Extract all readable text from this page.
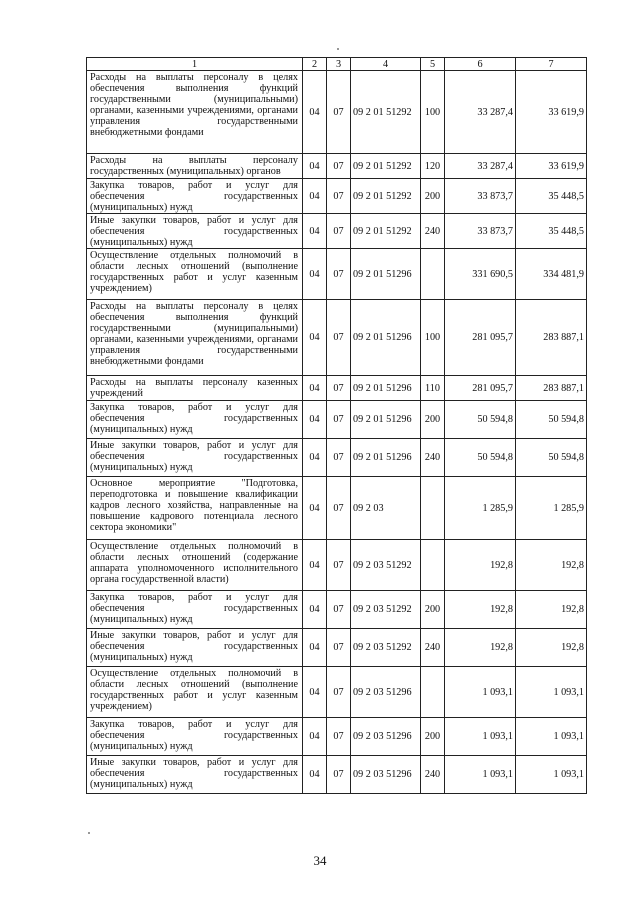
1	2	3	4	5	6	7
Расходы на выплаты персоналу в целях обеспечения выполнения функций государственными (муниципальными) органами, казенными учреждениями, органами управления государственными внебюджетными фондами	04	07	09 2 01 51292	100	33 287,4	33 619,9
Расходы на выплаты персоналу государственных (муниципальных) органов	04	07	09 2 01 51292	120	33 287,4	33 619,9
Закупка товаров, работ и услуг для обеспечения государственных (муниципальных) нужд	04	07	09 2 01 51292	200	33 873,7	35 448,5
Иные закупки товаров, работ и услуг для обеспечения государственных (муниципальных) нужд	04	07	09 2 01 51292	240	33 873,7	35 448,5
Осуществление отдельных полномочий в области лесных отношений (выполнение государственных работ и услуг казенным учреждением)	04	07	09 2 01 51296		331 690,5	334 481,9
Расходы на выплаты персоналу в целях обеспечения выполнения функций государственными (муниципальными) органами, казенными учреждениями, органами управления государственными внебюджетными фондами	04	07	09 2 01 51296	100	281 095,7	283 887,1
Расходы на выплаты персоналу казенных учреждений	04	07	09 2 01 51296	110	281 095,7	283 887,1
Закупка товаров, работ и услуг для обеспечения государственных (муниципальных) нужд	04	07	09 2 01 51296	200	50 594,8	50 594,8
Иные закупки товаров, работ и услуг для обеспечения государственных (муниципальных) нужд	04	07	09 2 01 51296	240	50 594,8	50 594,8
Основное мероприятие "Подготовка, переподготовка и повышение квалификации кадров лесного хозяйства, направленные на повышение кадрового потенциала лесного сектора экономики"	04	07	09 2 03		1 285,9	1 285,9
Осуществление отдельных полномочий в области лесных отношений (содержание аппарата уполномоченного исполнительного органа государственной власти)	04	07	09 2 03 51292		192,8	192,8
Закупка товаров, работ и услуг для обеспечения государственных (муниципальных) нужд	04	07	09 2 03 51292	200	192,8	192,8
Иные закупки товаров, работ и услуг для обеспечения государственных (муниципальных) нужд	04	07	09 2 03 51292	240	192,8	192,8
Осуществление отдельных полномочий в области лесных отношений (выполнение государственных работ и услуг казенным учреждением)	04	07	09 2 03 51296		1 093,1	1 093,1
Закупка товаров, работ и услуг для обеспечения государственных (муниципальных) нужд	04	07	09 2 03 51296	200	1 093,1	1 093,1
Иные закупки товаров, работ и услуг для обеспечения государственных (муниципальных) нужд	04	07	09 2 03 51296	240	1 093,1	1 093,1
34
